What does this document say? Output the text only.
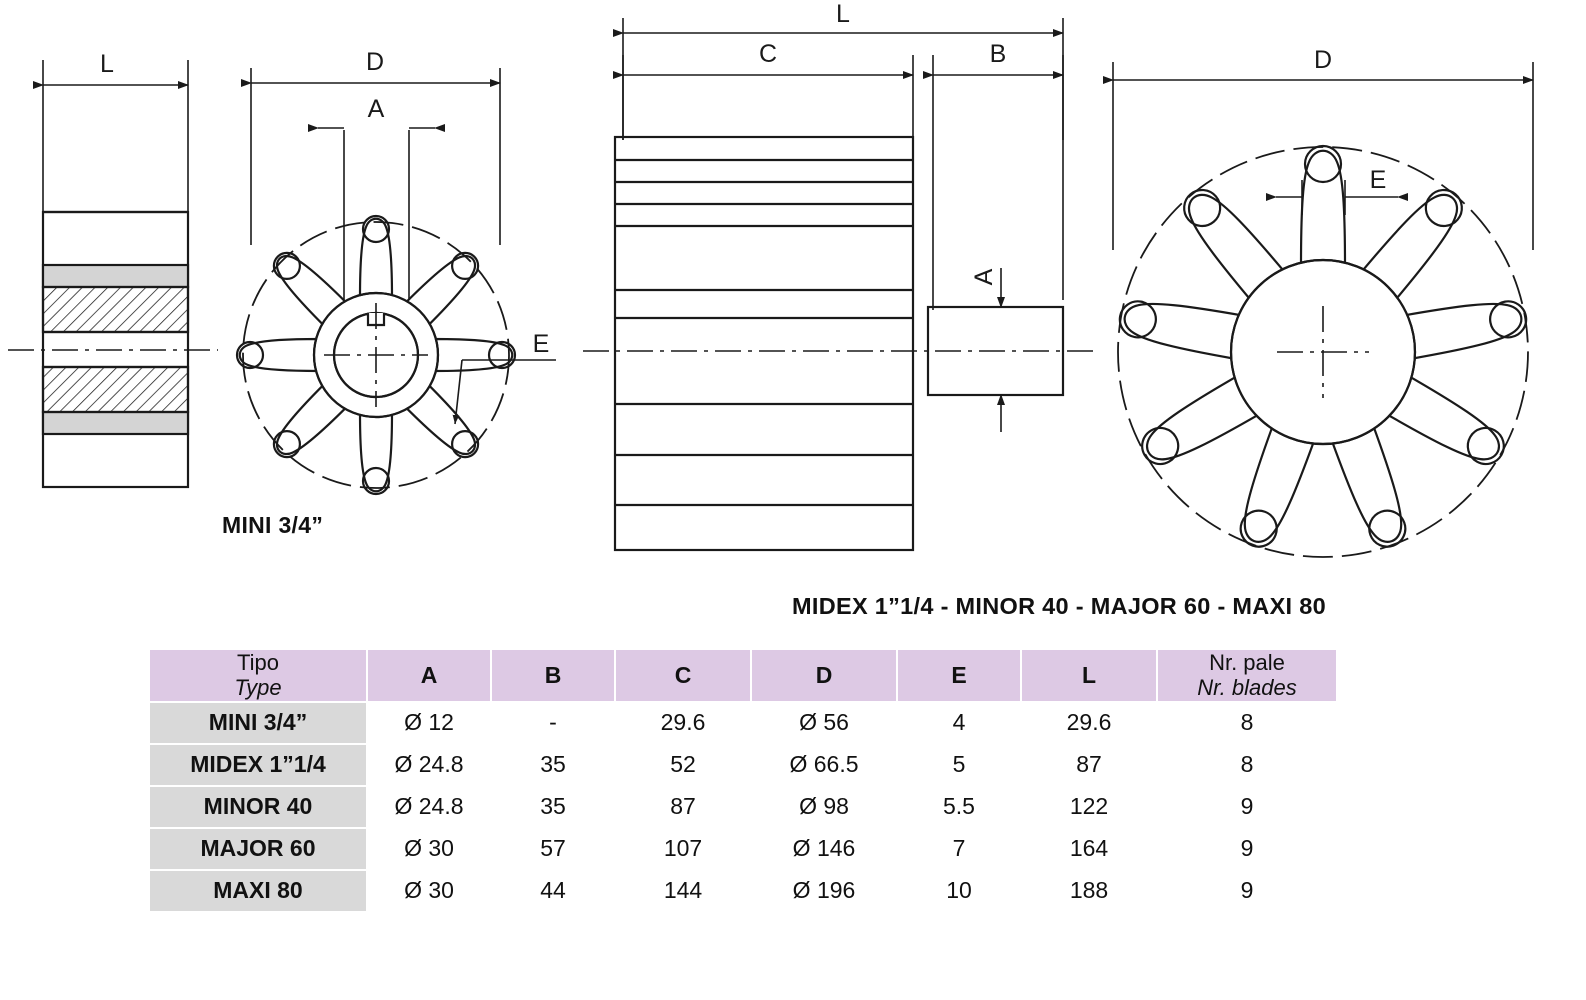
L	D
A
E
L
C	B
A
D
E
MINI 3/4”
MIDEX 1”1/4 - MINOR 40 - MAJOR 60 - MAXI 80
Tipo
Type	A	B	C	D	E	L	Nr. pale
Nr. blades

MINI 3/4”	Ø 12	-	29.6	Ø 56	4	29.6	8
MIDEX 1”1/4	Ø 24.8	35	52	Ø 66.5	5	87	8
MINOR 40	Ø 24.8	35	87	Ø 98	5.5	122	9
MAJOR 60	Ø 30	57	107	Ø 146	7	164	9
MAXI 80	Ø 30	44	144	Ø 196	10	188	9
